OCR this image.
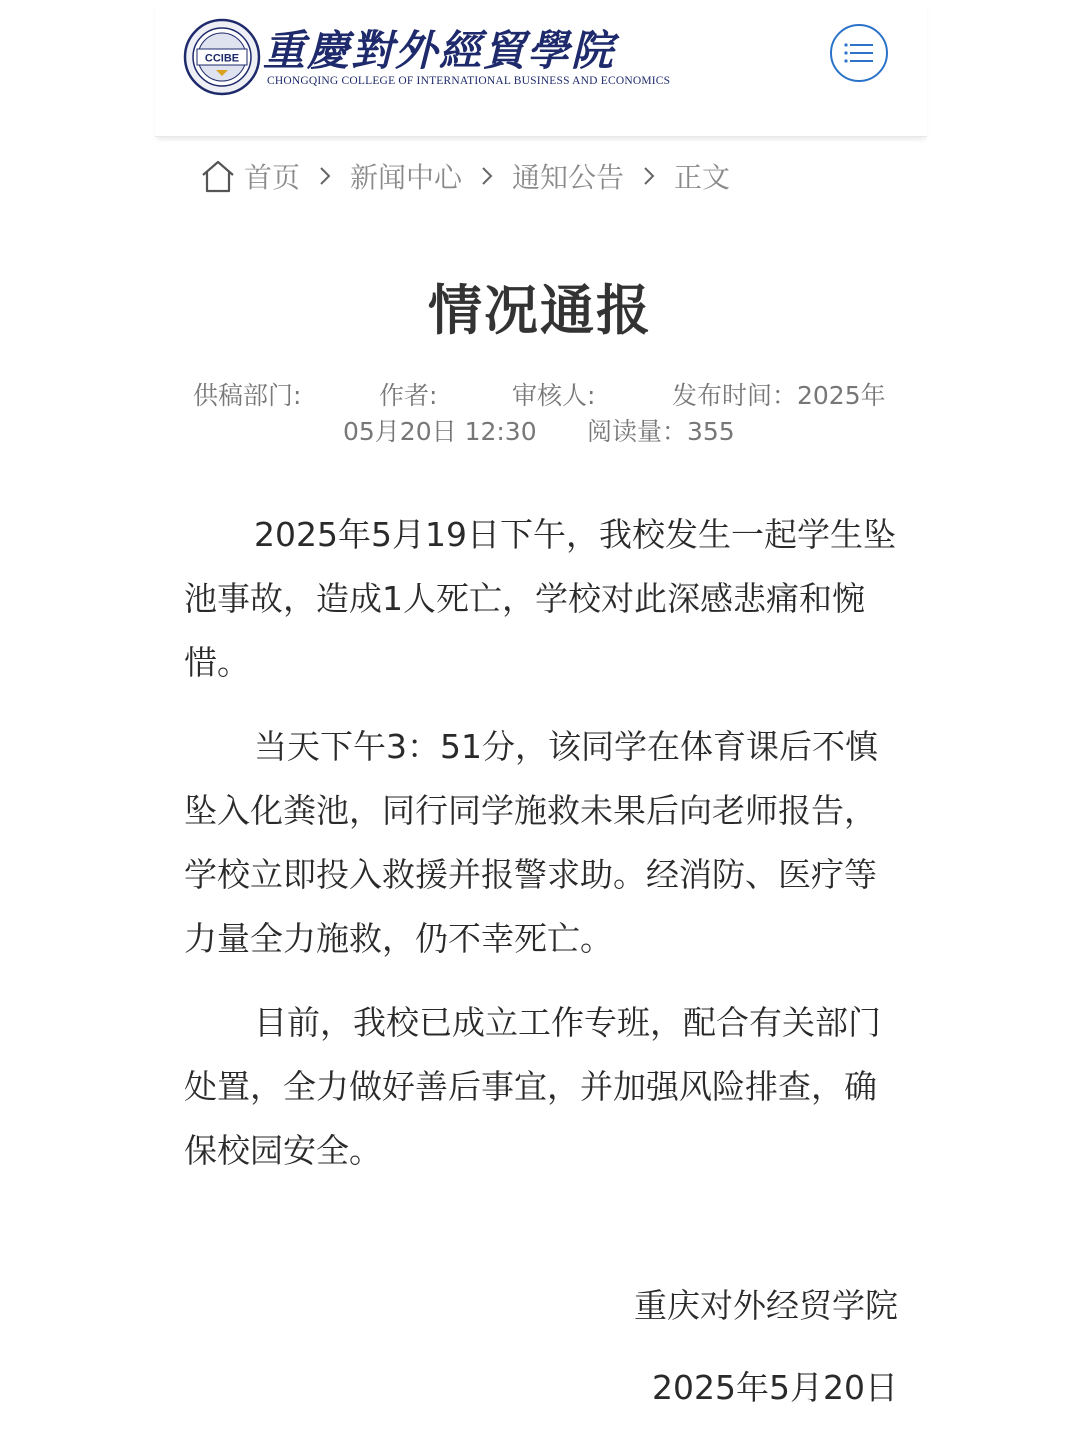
CCIBE 重慶對外經貿學院
CHONGQING COLLEGE OF INTERNATIONAL BUSINESS AND ECONOMICS
首页 新闻中心 通知公告 正文
情况通报
供稿部门:	作者:	审核人:	发布时间：2025年
05月20日 12:30 阅读量：355

2025年5月19日下午，我校发生一起学生坠池事故，造成1人死亡，学校对此深感悲痛和惋惜。

当天下午3：51分，该同学在体育课后不慎坠入化粪池，同行同学施救未果后向老师报告，学校立即投入救援并报警求助。经消防、医疗等力量全力施救，仍不幸死亡。

目前，我校已成立工作专班，配合有关部门处置，全力做好善后事宜，并加强风险排查，确保校园安全。

重庆对外经贸学院
2025年5月20日
